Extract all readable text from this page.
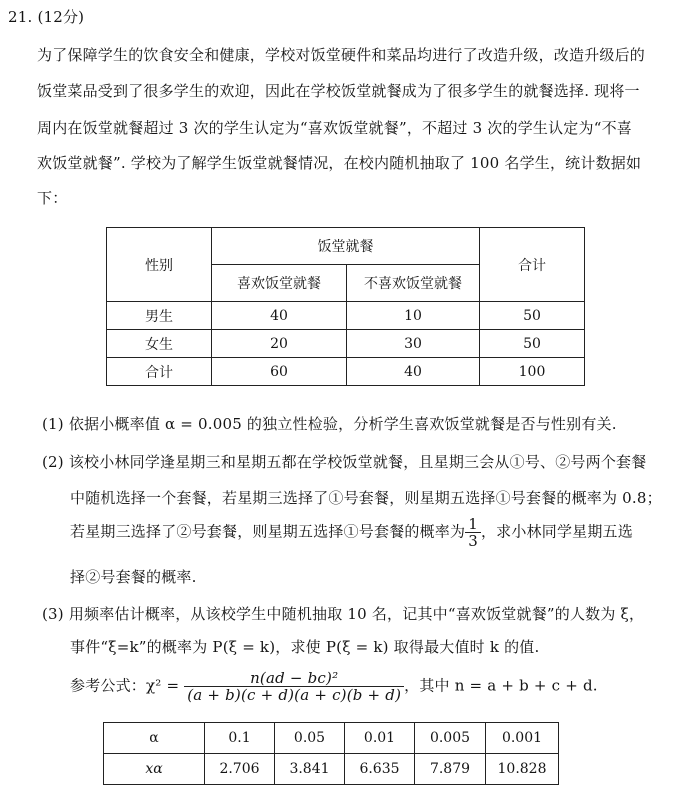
21. (12分)
为了保障学生的饮食安全和健康，学校对饭堂硬件和菜品均进行了改造升级，改造升级后的
饭堂菜品受到了很多学生的欢迎，因此在学校饭堂就餐成为了很多学生的就餐选择. 现将一
周内在饭堂就餐超过 3 次的学生认定为“喜欢饭堂就餐”，不超过 3 次的学生认定为“不喜
欢饭堂就餐”. 学校为了解学生饭堂就餐情况，在校内随机抽取了 100 名学生，统计数据如
下：
性别	饭堂就餐		合计
	喜欢饭堂就餐	不喜欢饭堂就餐	
男生	40	10	50
女生	20	30	50
合计	60	40	100
(1) 依据小概率值 α = 0.005 的独立性检验，分析学生喜欢饭堂就餐是否与性别有关.
(2) 该校小林同学逢星期三和星期五都在学校饭堂就餐，且星期三会从①号、②号两个套餐
中随机选择一个套餐，若星期三选择了①号套餐，则星期五选择①号套餐的概率为 0.8；
若星期三选择了②号套餐，则星期五选择①号套餐的概率为 $\frac{1}{3}$ ，求小林同学星期五选
择②号套餐的概率.
(3) 用频率估计概率，从该校学生中随机抽取 10 名，记其中“喜欢饭堂就餐”的人数为 ξ，
事件“ξ=k”的概率为 P(ξ = k)，求使 P(ξ = k) 取得最大值时 k 的值.
参考公式：$\chi^2 = \frac{\text{n(ad − bc)²}}{(a + b)(c + d)(a + c)(b + d)}$ ，其中 n = a + b + c + d.
α	0.1	0.05	0.01	0.005	0.001
xα	2.706	3.841	6.635	7.879	10.828
